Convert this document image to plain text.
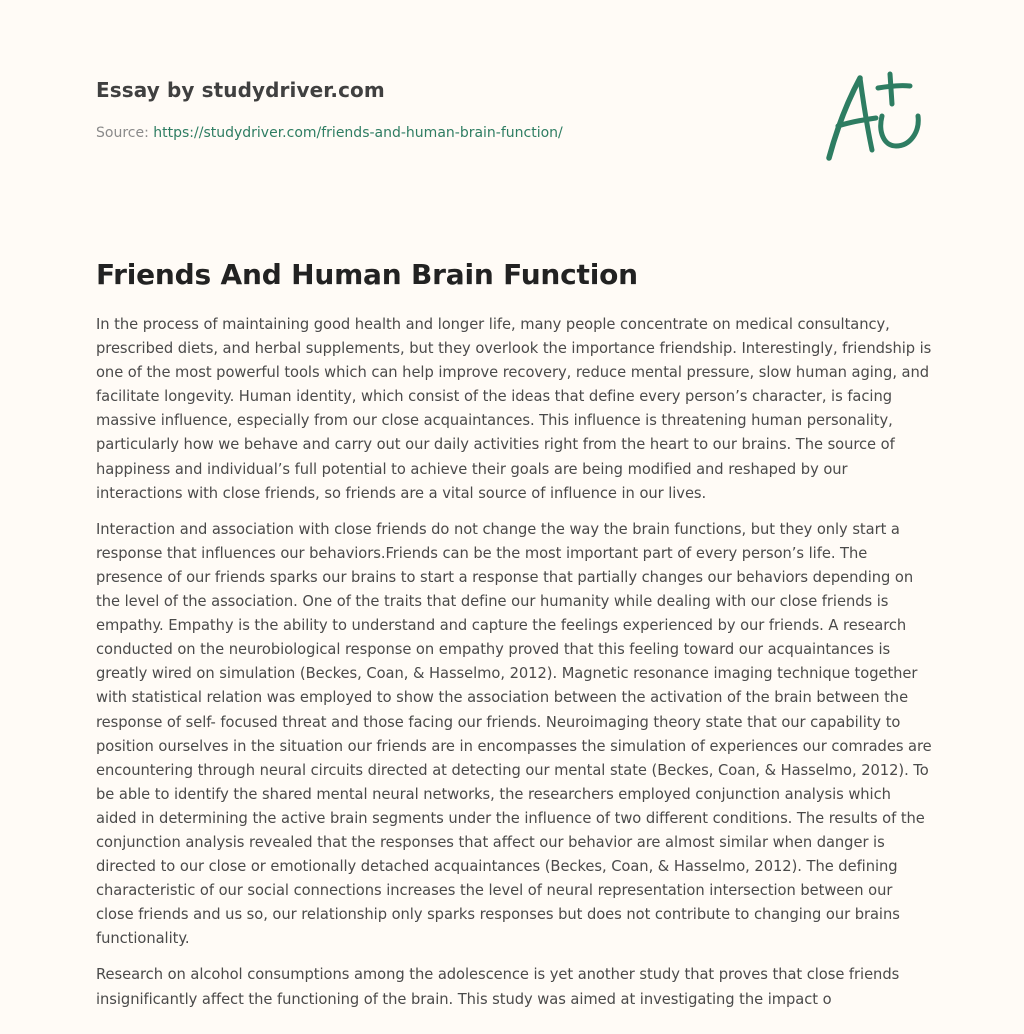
Essay by studydriver.com
Source: https://studydriver.com/friends-and-human-brain-function/
Friends And Human Brain Function

In the process of maintaining good health and longer life, many people concentrate on medical consultancy, prescribed diets, and herbal supplements, but they overlook the importance friendship. Interestingly, friendship is one of the most powerful tools which can help improve recovery, reduce mental pressure, slow human aging, and facilitate longevity. Human identity, which consist of the ideas that define every person’s character, is facing massive influence, especially from our close acquaintances. This influence is threatening human personality, particularly how we behave and carry out our daily activities right from the heart to our brains. The source of happiness and individual’s full potential to achieve their goals are being modified and reshaped by our interactions with close friends, so friends are a vital source of influence in our lives.

Interaction and association with close friends do not change the way the brain functions, but they only start a response that influences our behaviors.Friends can be the most important part of every person’s life. The presence of our friends sparks our brains to start a response that partially changes our behaviors depending on the level of the association. One of the traits that define our humanity while dealing with our close friends is empathy. Empathy is the ability to understand and capture the feelings experienced by our friends. A research conducted on the neurobiological response on empathy proved that this feeling toward our acquaintances is greatly wired on simulation (Beckes, Coan, & Hasselmo, 2012). Magnetic resonance imaging technique together with statistical relation was employed to show the association between the activation of the brain between the response of self- focused threat and those facing our friends. Neuroimaging theory state that our capability to position ourselves in the situation our friends are in encompasses the simulation of experiences our comrades are encountering through neural circuits directed at detecting our mental state (Beckes, Coan, & Hasselmo, 2012). To be able to identify the shared mental neural networks, the researchers employed conjunction analysis which aided in determining the active brain segments under the influence of two different conditions. The results of the conjunction analysis revealed that the responses that affect our behavior are almost similar when danger is directed to our close or emotionally detached acquaintances (Beckes, Coan, & Hasselmo, 2012). The defining characteristic of our social connections increases the level of neural representation intersection between our close friends and us so, our relationship only sparks responses but does not contribute to changing our brains functionality.

Research on alcohol consumptions among the adolescence is yet another study that proves that close friends insignificantly affect the functioning of the brain. This study was aimed at investigating the impact o
